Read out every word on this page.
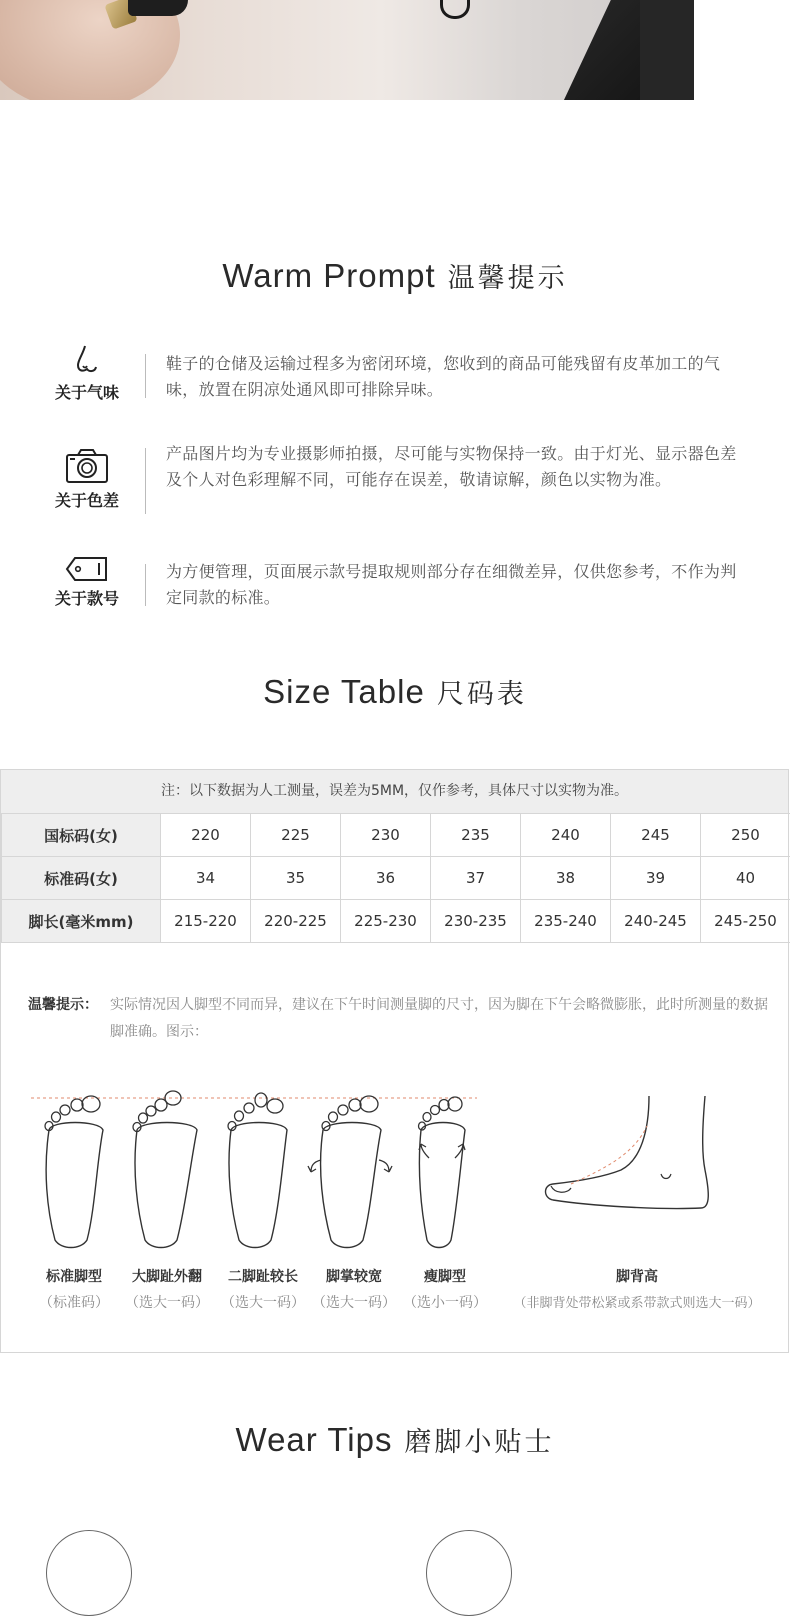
Warm Prompt 温馨提示
关于气味
鞋子的仓储及运输过程多为密闭环境，您收到的商品可能残留有皮革加工的气味，放置在阴凉处通风即可排除异味。
关于色差
产品图片均为专业摄影师拍摄，尽可能与实物保持一致。由于灯光、显示器色差及个人对色彩理解不同，可能存在误差，敬请谅解，颜色以实物为准。
关于款号
为方便管理，页面展示款号提取规则部分存在细微差异，仅供您参考，不作为判定同款的标准。
Size Table 尺码表
注：以下数据为人工测量，误差为5MM，仅作参考，具体尺寸以实物为准。
国标码(女)	220	225	230	235	240	245	250
标准码(女)	34	35	36	37	38	39	40
脚长(毫米mm)	215-220	220-225	225-230	230-235	235-240	240-245	245-250
温馨提示： 实际情况因人脚型不同而异，建议在下午时间测量脚的尺寸，因为脚在下午会略微膨胀，此时所测量的数据脚准确。图示：
标准脚型
（标准码）
大脚趾外翻
（选大一码）
二脚趾较长
（选大一码）
脚掌较宽
（选大一码）
瘦脚型
（选小一码）
脚背高
（非脚背处带松紧或系带款式则选大一码）
Wear Tips 磨脚小贴士
